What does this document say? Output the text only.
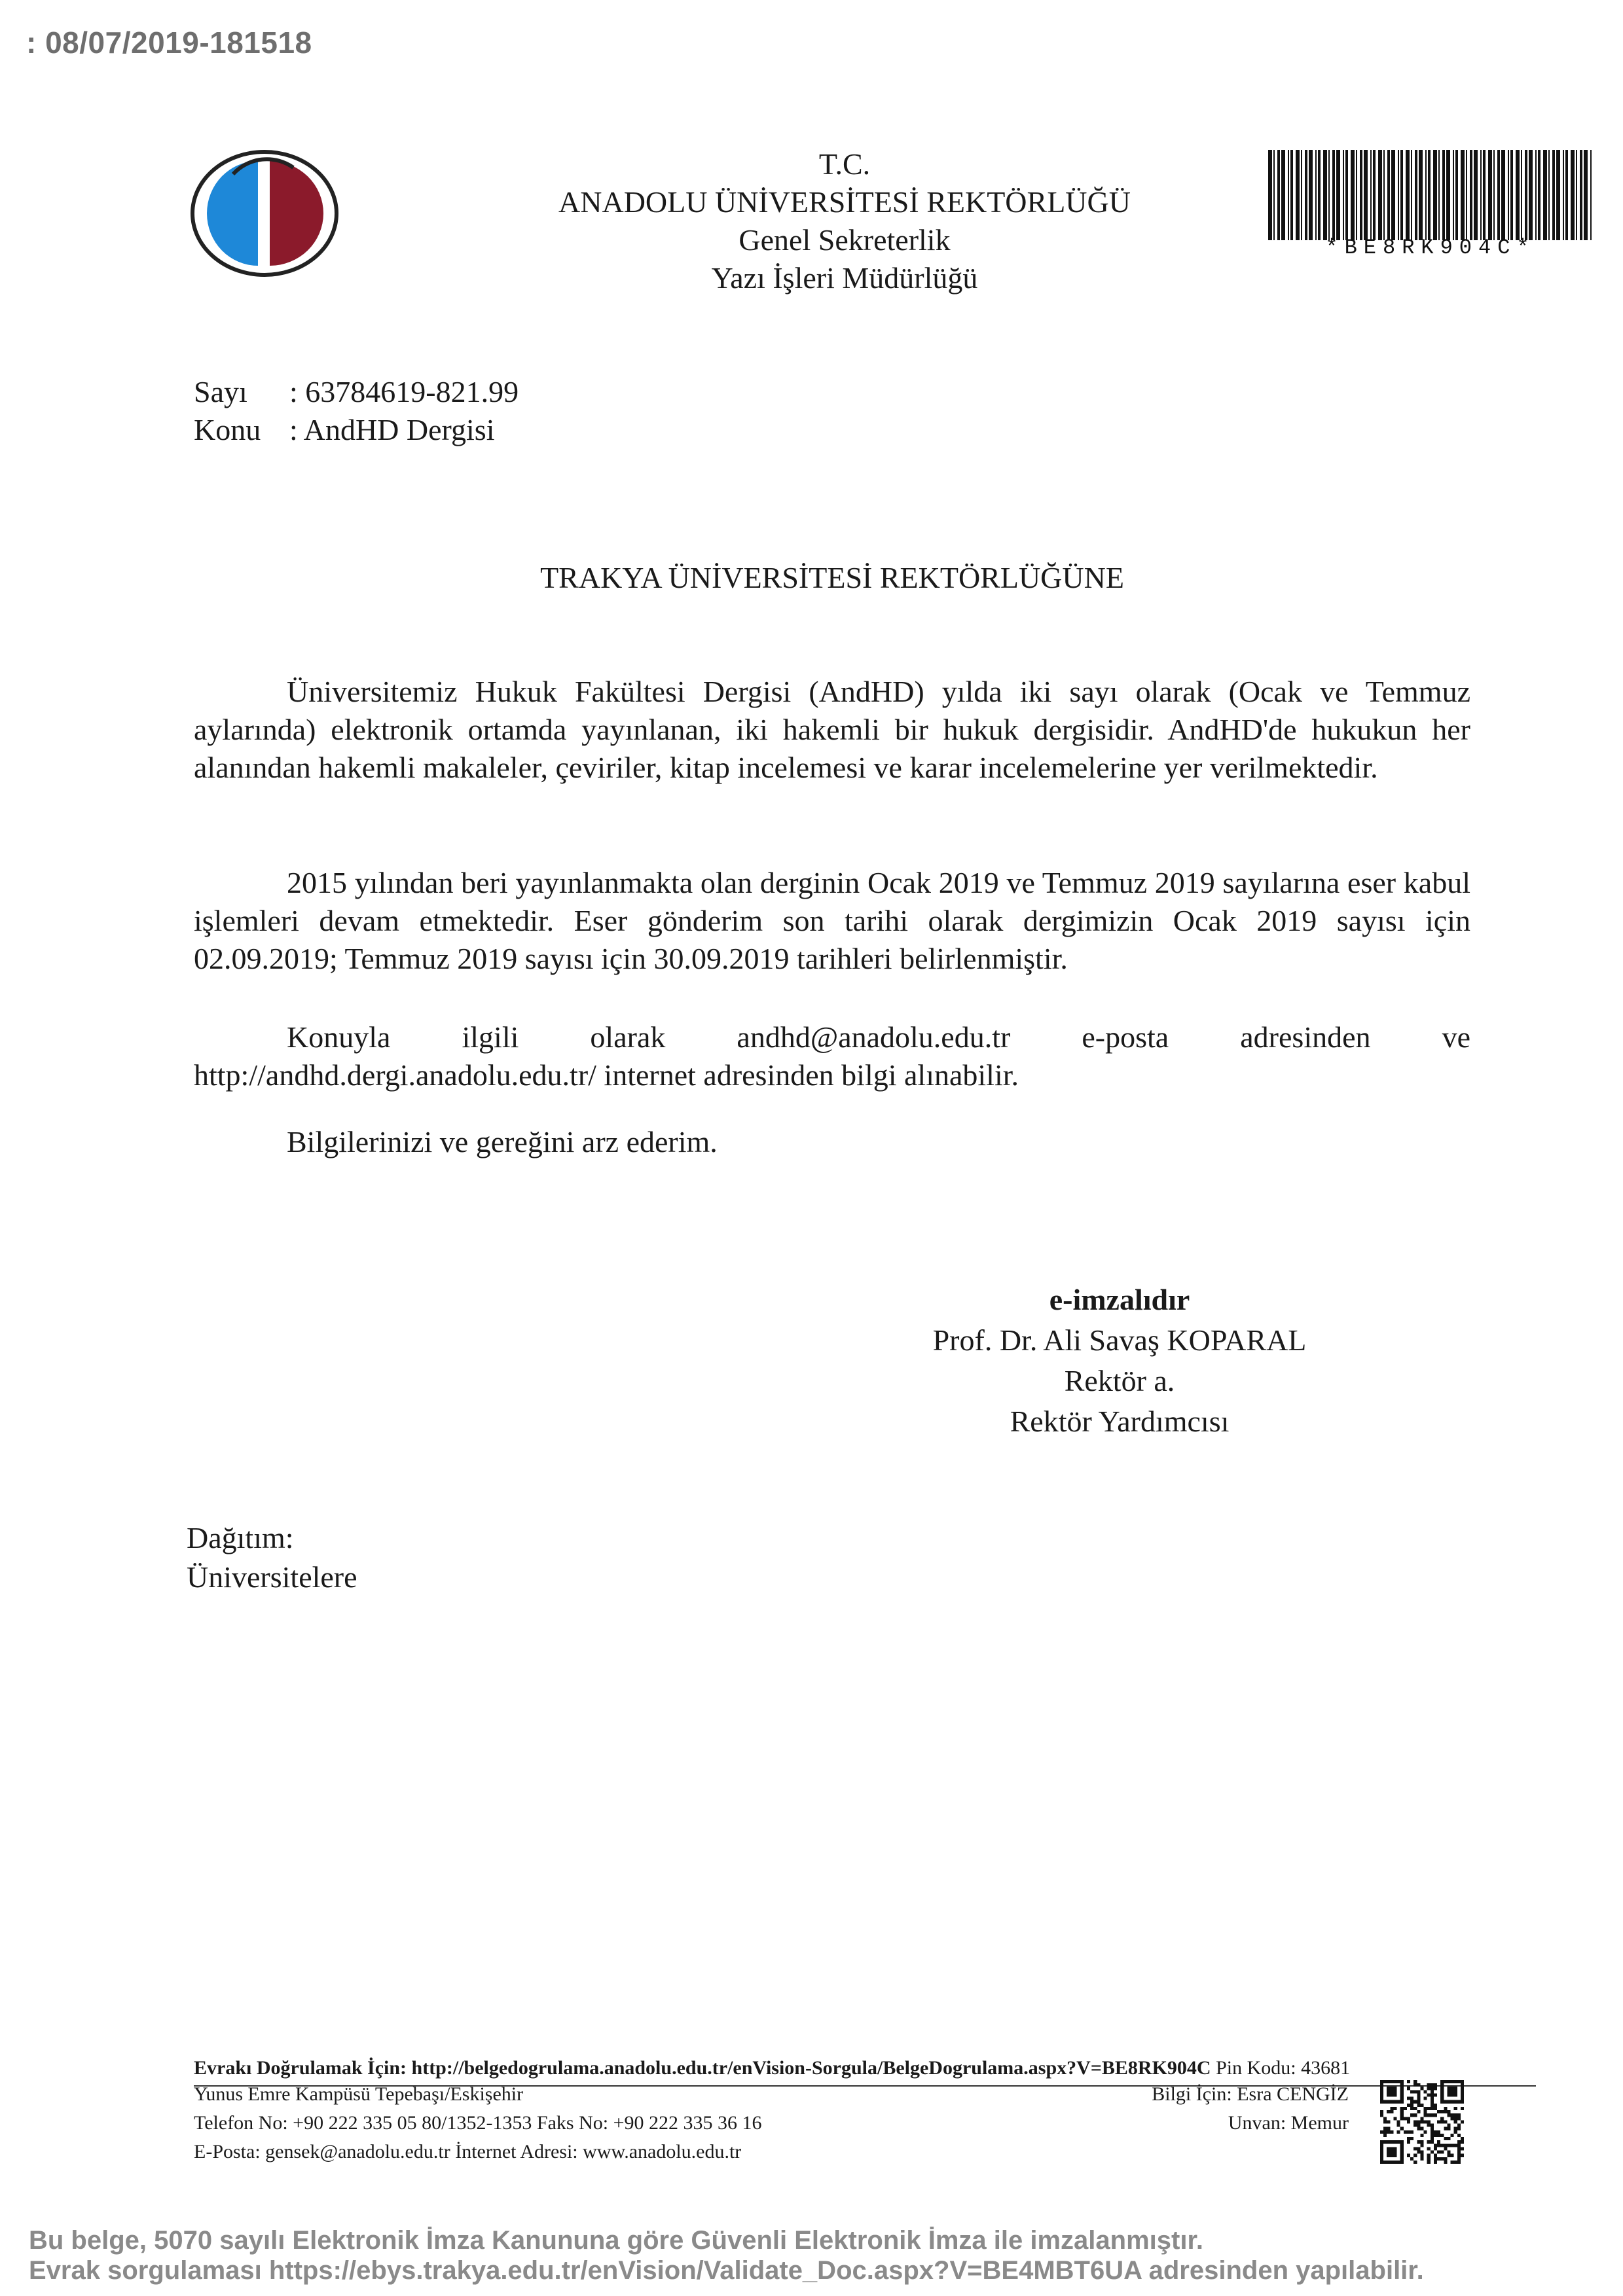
: 08/07/2019-181518
T.C.
ANADOLU ÜNİVERSİTESİ REKTÖRLÜĞÜ
Genel Sekreterlik
Yazı İşleri Müdürlüğü
*BE8RK904C*
Sayı : 63784619-821.99
Konu : AndHD Dergisi
TRAKYA ÜNİVERSİTESİ REKTÖRLÜĞÜNE
Üniversitemiz Hukuk Fakültesi Dergisi (AndHD) yılda iki sayı olarak (Ocak ve Temmuz aylarında) elektronik ortamda yayınlanan, iki hakemli bir hukuk dergisidir. AndHD'de hukukun her alanından hakemli makaleler, çeviriler, kitap incelemesi ve karar incelemelerine yer verilmektedir.
2015 yılından beri yayınlanmakta olan derginin Ocak 2019 ve Temmuz 2019 sayılarına eser kabul işlemleri devam etmektedir. Eser gönderim son tarihi olarak dergimizin Ocak 2019 sayısı için 02.09.2019; Temmuz 2019 sayısı için 30.09.2019 tarihleri belirlenmiştir.
Konuyla ilgili olarak andhd@anadolu.edu.tr e-posta adresinden ve
http://andhd.dergi.anadolu.edu.tr/ internet adresinden bilgi alınabilir.
Bilgilerinizi ve gereğini arz ederim.
e-imzalıdır
Prof. Dr. Ali Savaş KOPARAL
Rektör a.
Rektör Yardımcısı
Dağıtım:
Üniversitelere
Evrakı Doğrulamak İçin: http://belgedogrulama.anadolu.edu.tr/enVision-Sorgula/BelgeDogrulama.aspx?V=BE8RK904C Pin Kodu: 43681
Yunus Emre Kampüsü Tepebaşı/Eskişehir
Telefon No: +90 222 335 05 80/1352-1353 Faks No: +90 222 335 36 16
E-Posta: gensek@anadolu.edu.tr İnternet Adresi: www.anadolu.edu.tr
Bilgi İçin: Esra CENGİZ
Unvan: Memur
Bu belge, 5070 sayılı Elektronik İmza Kanununa göre Güvenli Elektronik İmza ile imzalanmıştır.
Evrak sorgulaması https://ebys.trakya.edu.tr/enVision/Validate_Doc.aspx?V=BE4MBT6UA adresinden yapılabilir.
